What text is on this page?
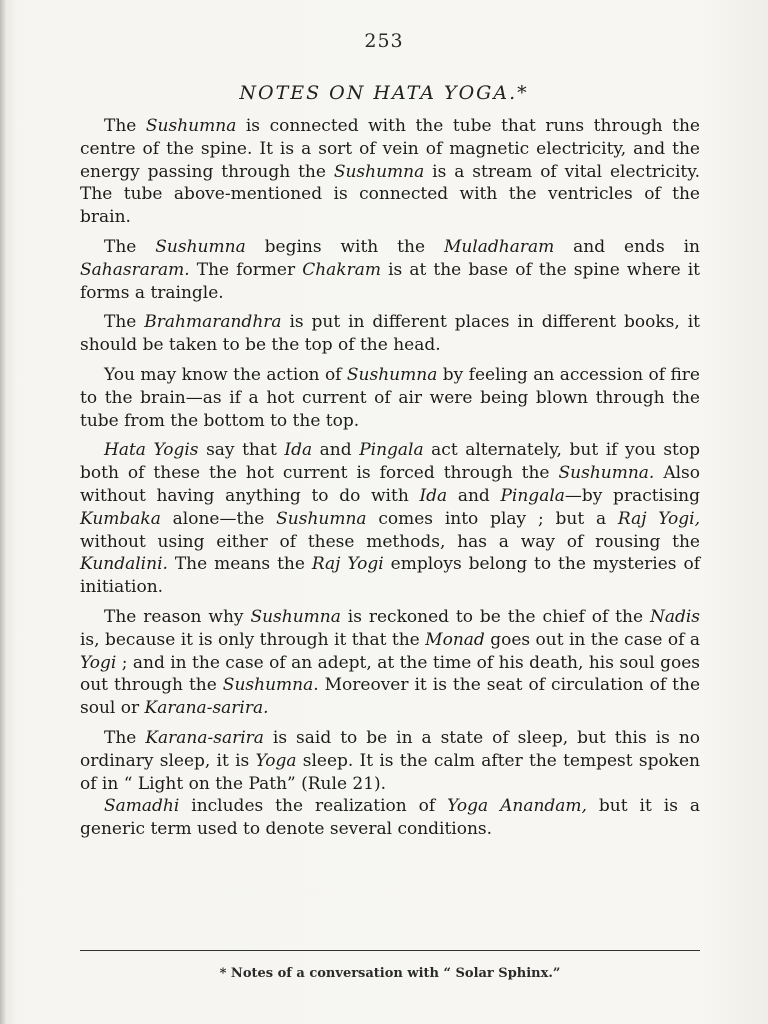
253
NOTES ON HATA YOGA.*

The Sushumna is connected with the tube that runs through the centre of the spine. It is a sort of vein of magnetic electricity, and the energy passing through the Sushumna is a stream of vital electricity. The tube above-mentioned is connected with the ventricles of the brain.

The Sushumna begins with the Muladharam and ends in Sahasraram. The former Chakram is at the base of the spine where it forms a traingle.

The Brahmarandhra is put in different places in different books, it should be taken to be the top of the head.

You may know the action of Sushumna by feeling an accession of fire to the brain—as if a hot current of air were being blown through the tube from the bottom to the top.

Hata Yogis say that Ida and Pingala act alternately, but if you stop both of these the hot current is forced through the Sushumna. Also without having anything to do with Ida and Pingala—by practising Kumbaka alone—the Sushumna comes into play ; but a Raj Yogi, without using either of these methods, has a way of rousing the Kundalini. The means the Raj Yogi employs belong to the mysteries of initiation.

The reason why Sushumna is reckoned to be the chief of the Nadis is, because it is only through it that the Monad goes out in the case of a Yogi ; and in the case of an adept, at the time of his death, his soul goes out through the Sushumna. Moreover it is the seat of circulation of the soul or Karana-sarira.

The Karana-sarira is said to be in a state of sleep, but this is no ordinary sleep, it is Yoga sleep. It is the calm after the tempest spoken of in “ Light on the Path” (Rule 21).

Samadhi includes the realization of Yoga Anandam, but it is a generic term used to denote several conditions.

* Notes of a conversation with “ Solar Sphinx.”
